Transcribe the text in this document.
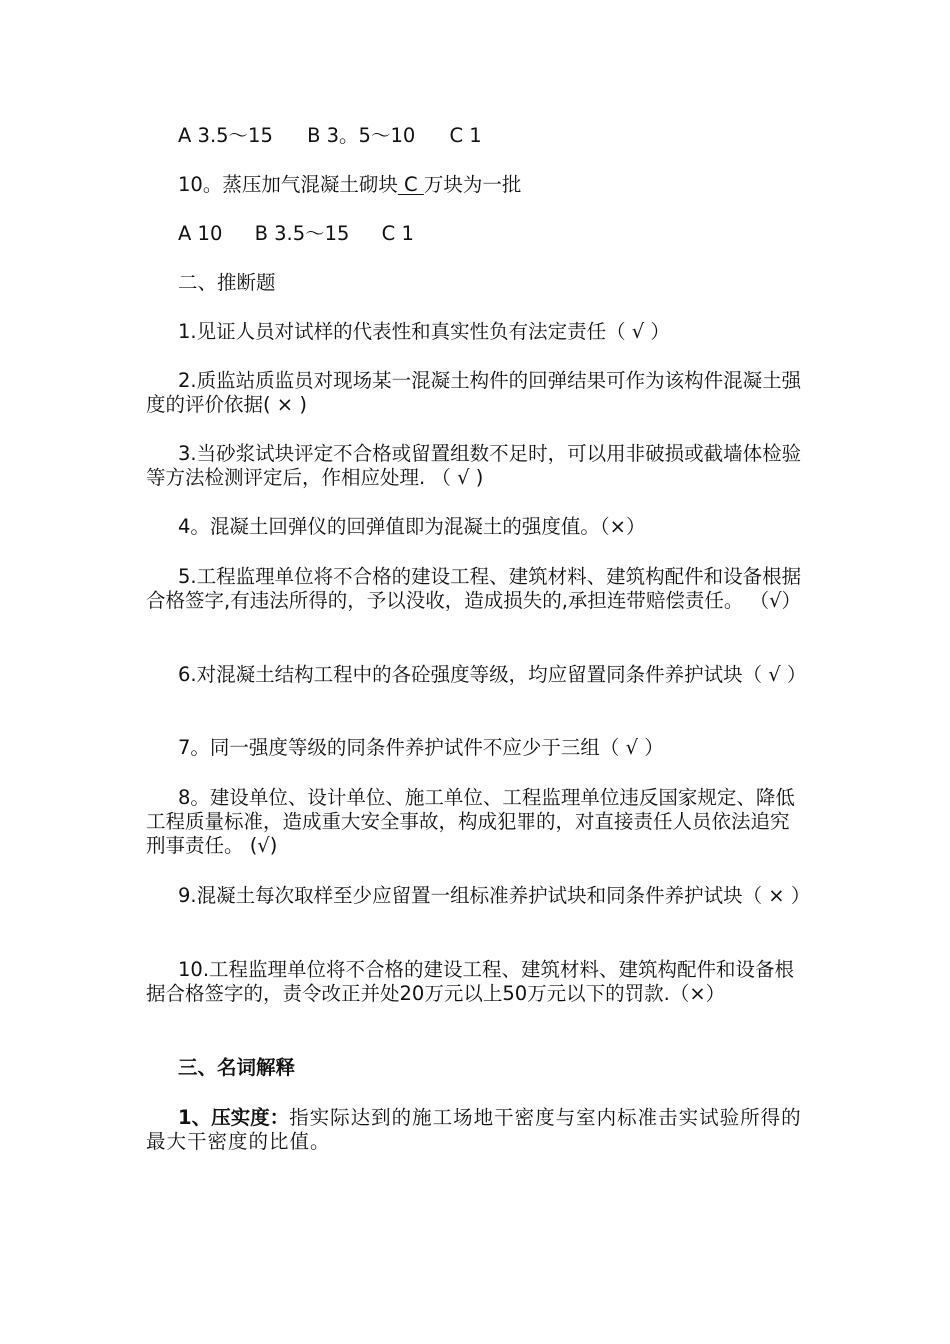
A 3.5～15 B 3。5～10 C 1

10。蒸压加气混凝土砌块 C 万块为一批

A 10 B 3.5～15 C 1

二、推断题

1.见证人员对试样的代表性和真实性负有法定责任（ √ ）

2.质监站质监员对现场某一混凝土构件的回弹结果可作为该构件混凝土强度的评价依据( × )

3.当砂浆试块评定不合格或留置组数不足时，可以用非破损或截墙体检验等方法检测评定后，作相应处理. （ √ )

4。混凝土回弹仪的回弹值即为混凝土的强度值。（×）

5.工程监理单位将不合格的建设工程、建筑材料、建筑构配件和设备根据合格签字,有违法所得的，予以没收，造成损失的,承担连带赔偿责任。 （√）

6.对混凝土结构工程中的各砼强度等级，均应留置同条件养护试块（ √ ）

7。同一强度等级的同条件养护试件不应少于三组（ √ ）

8。建设单位、设计单位、施工单位、工程监理单位违反国家规定、降低工程质量标准，造成重大安全事故，构成犯罪的，对直接责任人员依法追究刑事责任。 (√)

9.混凝土每次取样至少应留置一组标准养护试块和同条件养护试块（ × ）

10.工程监理单位将不合格的建设工程、建筑材料、建筑构配件和设备根据合格签字的，责令改正并处20万元以上50万元以下的罚款.（×）

三、名词解释

1、压实度：指实际达到的施工场地干密度与室内标准击实试验所得的最大干密度的比值。
